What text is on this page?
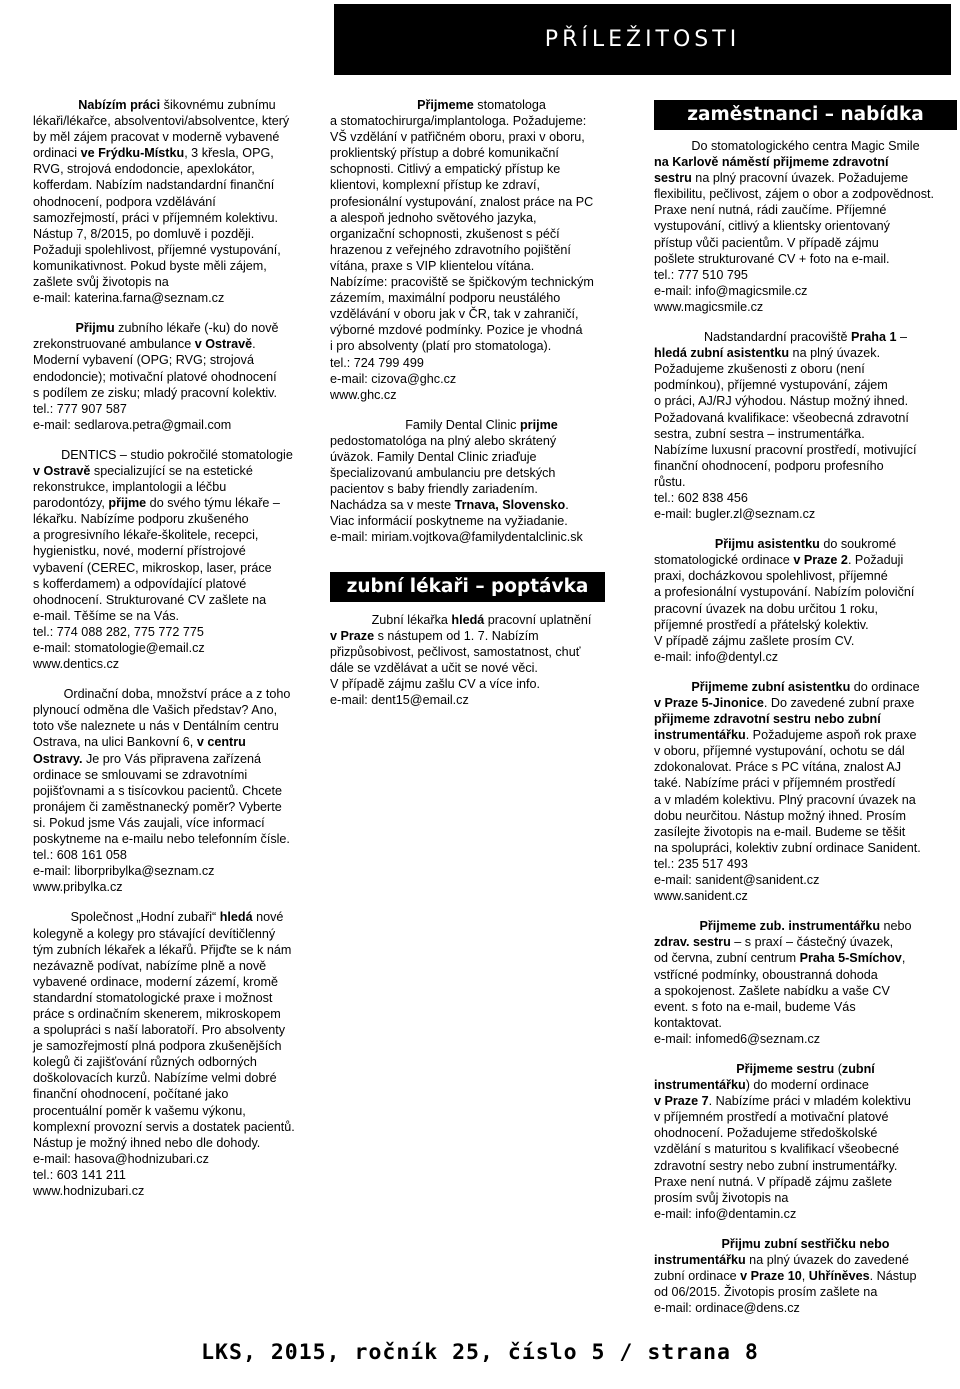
PŘÍLEŽITOSTI
Nabízím práci šikovnému zubnímu
lékaři/lékařce, absolventovi/absolventce, který
by měl zájem pracovat v moderně vybavené
ordinaci ve Frýdku-Místku, 3 křesla, OPG,
RVG, strojová endodoncie, apexlokátor,
kofferdam. Nabízím nadstandardní finanční
ohodnocení, podpora vzdělávání
samozřejmostí, práci v příjemném kolektivu.
Nástup 7, 8/2015, po domluvě i později.
Požaduji spolehlivost, příjemné vystupování,
komunikativnost. Pokud byste měli zájem,
zašlete svůj životopis na
e-mail: katerina.farna@seznam.cz
Přijmu zubního lékaře (-ku) do nově
zrekonstruované ambulance v Ostravě.
Moderní vybavení (OPG; RVG; strojová
endodoncie); motivační platové ohodnocení
s podílem ze zisku; mladý pracovní kolektiv.
tel.: 777 907 587
e-mail: sedlarova.petra@gmail.com
DENTICS – studio pokročilé stomatologie
v Ostravě specializující se na estetické
rekonstrukce, implantologii a léčbu
parodontózy, přijme do svého týmu lékaře –
lékařku. Nabízíme podporu zkušeného
a progresivního lékaře-školitele, recepci,
hygienistku, nové, moderní přístrojové
vybavení (CEREC, mikroskop, laser, práce
s kofferdamem) a odpovídající platové
ohodnocení. Strukturované CV zašlete na
e-mail. Těšíme se na Vás.
tel.: 774 088 282, 775 772 775
e-mail: stomatologie@email.cz
www.dentics.cz
Ordinační doba, množství práce a z toho
plynoucí odměna dle Vašich představ? Ano,
toto vše naleznete u nás v Dentálním centru
Ostrava, na ulici Bankovní 6, v centru
Ostravy. Je pro Vás připravena zařízená
ordinace se smlouvami se zdravotními
pojišťovnami a s tisícovkou pacientů. Chcete
pronájem či zaměstnanecký poměr? Vyberte
si. Pokud jsme Vás zaujali, více informací
poskytneme na e-mailu nebo telefonním čísle.
tel.: 608 161 058
e-mail: liborpribylka@seznam.cz
www.pribylka.cz
Společnost „Hodní zubaři“ hledá nové
kolegyně a kolegy pro stávající devítičlenný
tým zubních lékařek a lékařů. Přijďte se k nám
nezávazně podívat, nabízíme plně a nově
vybavené ordinace, moderní zázemí, kromě
standardní stomatologické praxe i možnost
práce s ordinačním skenerem, mikroskopem
a spolupráci s naší laboratoří. Pro absolventy
je samozřejmostí plná podpora zkušenějších
kolegů či zajišťování různých odborných
doškolovacích kurzů. Nabízíme velmi dobré
finanční ohodnocení, počítané jako
procentuální poměr k vašemu výkonu,
komplexní provozní servis a dostatek pacientů.
Nástup je možný ihned nebo dle dohody.
e-mail: hasova@hodnizubari.cz
tel.: 603 141 211
www.hodnizubari.cz
Přijmeme stomatologa
a stomatochirurga/implantologa. Požadujeme:
VŠ vzdělání v patřičném oboru, praxi v oboru,
proklientský přístup a dobré komunikační
schopnosti. Citlivý a empatický přístup ke
klientovi, komplexní přístup ke zdraví,
profesionální vystupování, znalost práce na PC
a alespoň jednoho světového jazyka,
organizační schopnosti, zkušenost s péčí
hrazenou z veřejného zdravotního pojištění
vítána, praxe s VIP klientelou vítána.
Nabízíme: pracoviště se špičkovým technickým
zázemím, maximální podporu neustálého
vzdělávání v oboru jak v ČR, tak v zahraničí,
výborné mzdové podmínky. Pozice je vhodná
i pro absolventy (platí pro stomatologa).
tel.: 724 799 499
e-mail: cizova@ghc.cz
www.ghc.cz
Family Dental Clinic prijme
pedostomatológa na plný alebo skrátený
úväzok. Family Dental Clinic zriaďuje
špecializovanú ambulanciu pre detských
pacientov s baby friendly zariadením.
Nachádza sa v meste Trnava, Slovensko.
Viac informácií poskytneme na vyžiadanie.
e-mail: miriam.vojtkova@familydentalclinic.sk
zubní lékaři – poptávka
Zubní lékařka hledá pracovní uplatnění
v Praze s nástupem od 1. 7. Nabízím
přizpůsobivost, pečlivost, samostatnost, chuť
dále se vzdělávat a učit se nové věci.
V případě zájmu zašlu CV a více info.
e-mail: dent15@email.cz
zaměstnanci – nabídka
Do stomatologického centra Magic Smile
na Karlově náměstí přijmeme zdravotní
sestru na plný pracovní úvazek. Požadujeme
flexibilitu, pečlivost, zájem o obor a zodpovědnost.
Praxe není nutná, rádi zaučíme. Příjemné
vystupování, citlivý a klientsky orientovaný
přístup vůči pacientům. V případě zájmu
pošlete strukturované CV + foto na e-mail.
tel.: 777 510 795
e-mail: info@magicsmile.cz
www.magicsmile.cz
Nadstandardní pracoviště Praha 1 –
hledá zubní asistentku na plný úvazek.
Požadujeme zkušenosti z oboru (není
podmínkou), příjemné vystupování, zájem
o práci, AJ/RJ výhodou. Nástup možný ihned.
Požadovaná kvalifikace: všeobecná zdravotní
sestra, zubní sestra – instrumentářka.
Nabízíme luxusní pracovní prostředí, motivující
finanční ohodnocení, podporu profesního
růstu.
tel.: 602 838 456
e-mail: bugler.zl@seznam.cz
Přijmu asistentku do soukromé
stomatologické ordinace v Praze 2. Požaduji
praxi, docházkovou spolehlivost, příjemné
a profesionální vystupování. Nabízím poloviční
pracovní úvazek na dobu určitou 1 roku,
příjemné prostředí a přátelský kolektiv.
V případě zájmu zašlete prosím CV.
e-mail: info@dentyl.cz
Přijmeme zubní asistentku do ordinace
v Praze 5-Jinonice. Do zavedené zubní praxe
přijmeme zdravotní sestru nebo zubní
instrumentářku. Požadujeme aspoň rok praxe
v oboru, příjemné vystupování, ochotu se dál
zdokonalovat. Práce s PC vítána, znalost AJ
také. Nabízíme práci v příjemném prostředí
a v mladém kolektivu. Plný pracovní úvazek na
dobu neurčitou. Nástup možný ihned. Prosím
zasílejte životopis na e-mail. Budeme se těšit
na spolupráci, kolektiv zubní ordinace Sanident.
tel.: 235 517 493
e-mail: sanident@sanident.cz
www.sanident.cz
Přijmeme zub. instrumentářku nebo
zdrav. sestru – s praxí – částečný úvazek,
od června, zubní centrum Praha 5-Smíchov,
vstřícné podmínky, oboustranná dohoda
a spokojenost. Zašlete nabídku a vaše CV
event. s foto na e-mail, budeme Vás
kontaktovat.
e-mail: infomed6@seznam.cz
Přijmeme sestru (zubní
instrumentářku) do moderní ordinace
v Praze 7. Nabízíme práci v mladém kolektivu
v příjemném prostředí a motivační platové
ohodnocení. Požadujeme středoškolské
vzdělání s maturitou s kvalifikací všeobecné
zdravotní sestry nebo zubní instrumentářky.
Praxe není nutná. V případě zájmu zašlete
prosím svůj životopis na
e-mail: info@dentamin.cz
Přijmu zubní sestřičku nebo
instrumentářku na plný úvazek do zavedené
zubní ordinace v Praze 10, Uhříněves. Nástup
od 06/2015. Životopis prosím zašlete na
e-mail: ordinace@dens.cz
LKS, 2015, ročník 25, číslo 5 / strana 8
